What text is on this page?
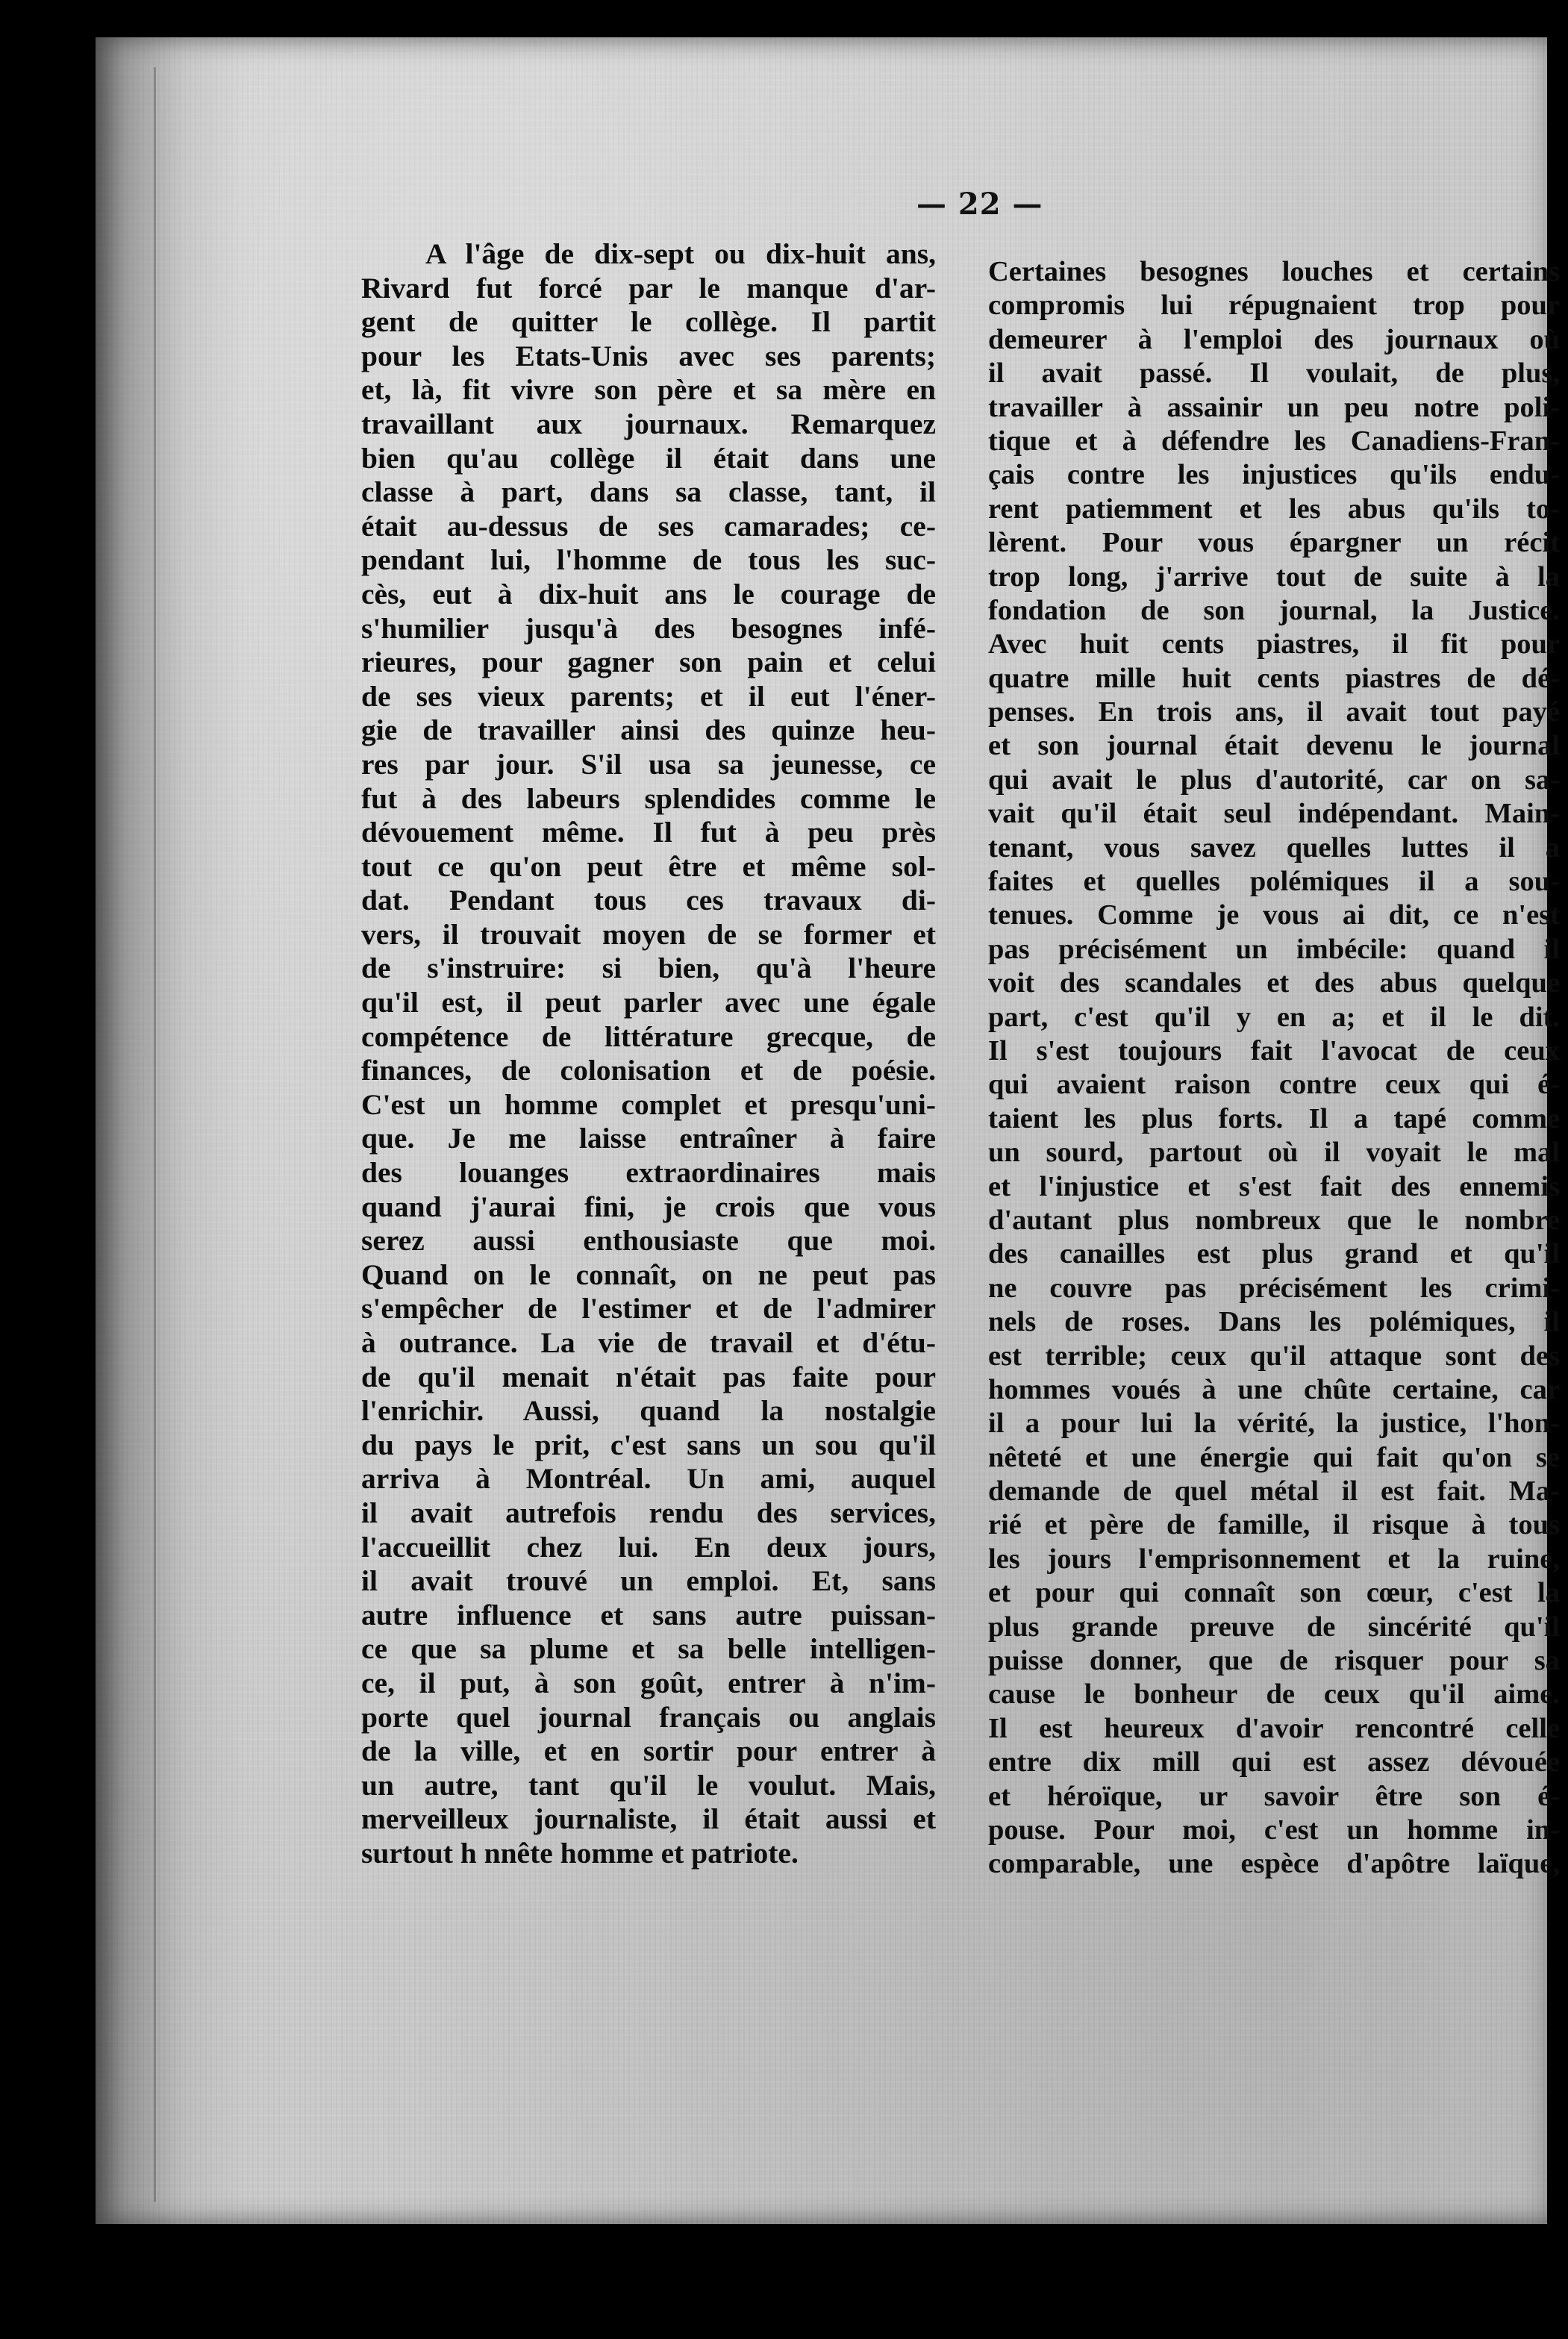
— 22 —
A l'âge de dix-sept ou dix-huit ans,
Rivard fut forcé par le manque d'ar-
gent de quitter le collège. Il partit
pour les Etats-Unis avec ses parents;
et, là, fit vivre son père et sa mère en
travaillant aux journaux. Remarquez
bien qu'au collège il était dans une
classe à part, dans sa classe, tant, il
était au-dessus de ses camarades; ce-
pendant lui, l'homme de tous les suc-
cès, eut à dix-huit ans le courage de
s'humilier jusqu'à des besognes infé-
rieures, pour gagner son pain et celui
de ses vieux parents; et il eut l'éner-
gie de travailler ainsi des quinze heu-
res par jour. S'il usa sa jeunesse, ce
fut à des labeurs splendides comme le
dévouement même. Il fut à peu près
tout ce qu'on peut être et même sol-
dat. Pendant tous ces travaux di-
vers, il trouvait moyen de se former et
de s'instruire: si bien, qu'à l'heure
qu'il est, il peut parler avec une égale
compétence de littérature grecque, de
finances, de colonisation et de poésie.
C'est un homme complet et presqu'uni-
que. Je me laisse entraîner à faire
des louanges extraordinaires mais
quand j'aurai fini, je crois que vous
serez aussi enthousiaste que moi.
Quand on le connaît, on ne peut pas
s'empêcher de l'estimer et de l'admirer
à outrance. La vie de travail et d'étu-
de qu'il menait n'était pas faite pour
l'enrichir. Aussi, quand la nostalgie
du pays le prit, c'est sans un sou qu'il
arriva à Montréal. Un ami, auquel
il avait autrefois rendu des services,
l'accueillit chez lui. En deux jours,
il avait trouvé un emploi. Et, sans
autre influence et sans autre puissan-
ce que sa plume et sa belle intelligen-
ce, il put, à son goût, entrer à n'im-
porte quel journal français ou anglais
de la ville, et en sortir pour entrer à
un autre, tant qu'il le voulut. Mais,
merveilleux journaliste, il était aussi et
surtout h nnête homme et patriote.
Certaines besognes louches et certains
compromis lui répugnaient trop pour
demeurer à l'emploi des journaux où
il avait passé. Il voulait, de plus,
travailler à assainir un peu notre poli-
tique et à défendre les Canadiens-Fran-
çais contre les injustices qu'ils endu-
rent patiemment et les abus qu'ils to-
lèrent. Pour vous épargner un récit
trop long, j'arrive tout de suite à la
fondation de son journal, la Justice.
Avec huit cents piastres, il fit pour
quatre mille huit cents piastres de dé-
penses. En trois ans, il avait tout payé
et son journal était devenu le journal
qui avait le plus d'autorité, car on sa-
vait qu'il était seul indépendant. Main-
tenant, vous savez quelles luttes il a
faites et quelles polémiques il a sou-
tenues. Comme je vous ai dit, ce n'est
pas précisément un imbécile: quand il
voit des scandales et des abus quelque
part, c'est qu'il y en a; et il le dit.
Il s'est toujours fait l'avocat de ceux
qui avaient raison contre ceux qui é-
taient les plus forts. Il a tapé comme
un sourd, partout où il voyait le mal
et l'injustice et s'est fait des ennemis
d'autant plus nombreux que le nombre
des canailles est plus grand et qu'il
ne couvre pas précisément les crimi-
nels de roses. Dans les polémiques, il
est terrible; ceux qu'il attaque sont des
hommes voués à une chûte certaine, car
il a pour lui la vérité, la justice, l'hon-
nêteté et une énergie qui fait qu'on se
demande de quel métal il est fait. Ma-
rié et père de famille, il risque à tous
les jours l'emprisonnement et la ruine,
et pour qui connaît son cœur, c'est la
plus grande preuve de sincérité qu'il
puisse donner, que de risquer pour sa
cause le bonheur de ceux qu'il aime.
Il est heureux d'avoir rencontré celle
entre dix mill qui est assez dévouée
et héroïque, ur savoir être son é-
pouse. Pour moi, c'est un homme in-
comparable, une espèce d'apôtre laïque,
